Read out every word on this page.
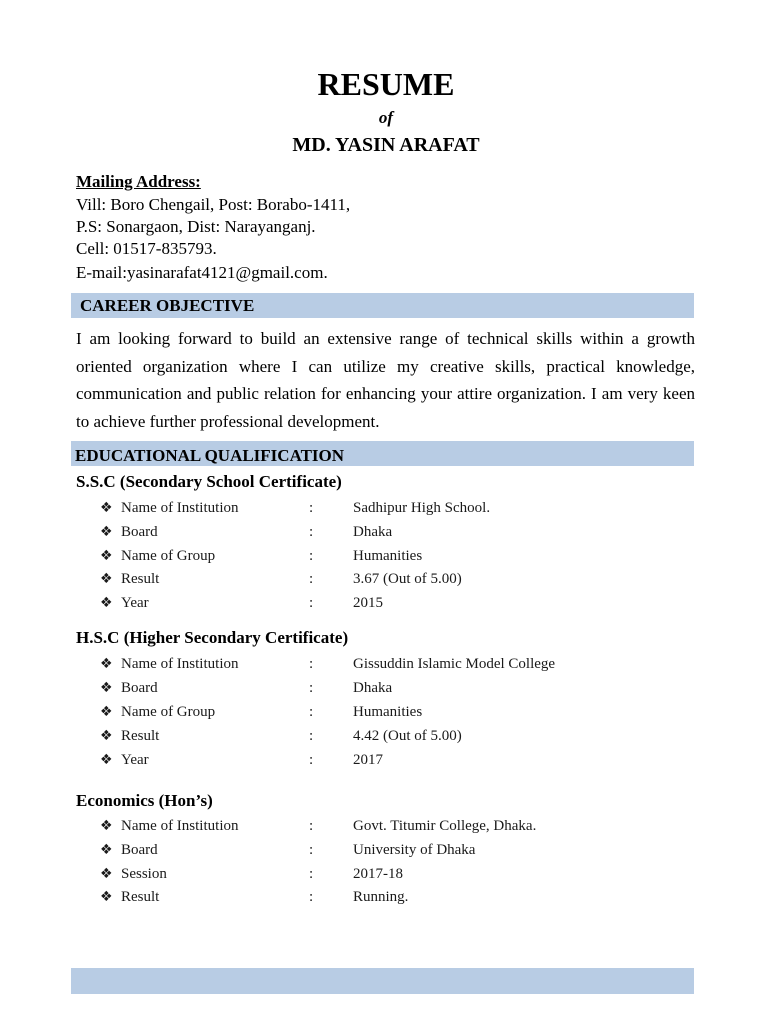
RESUME
of
MD. YASIN ARAFAT
Mailing Address:
Vill: Boro Chengail, Post: Borabo-1411,
P.S: Sonargaon, Dist: Narayanganj.
Cell: 01517-835793.
E-mail:yasinarafat4121@gmail.com.
CAREER OBJECTIVE
I am looking forward to build an extensive range of technical skills within a growth oriented organization where I can utilize my creative skills, practical knowledge, communication and public relation for enhancing your attire organization. I am very keen to achieve further professional development.
EDUCATIONAL QUALIFICATION
S.S.C (Secondary School Certificate)
❖ Name of Institution	:	Sadhipur High School.
❖ Board	:	Dhaka
❖ Name of Group	:	Humanities
❖ Result	:	3.67 (Out of 5.00)
❖ Year	:	2015
H.S.C (Higher Secondary Certificate)
❖ Name of Institution	:	Gissuddin Islamic Model College
❖ Board	:	Dhaka
❖ Name of Group	:	Humanities
❖ Result	:	4.42 (Out of 5.00)
❖ Year	:	2017
Economics (Hon’s)
❖ Name of Institution	:	Govt. Titumir College, Dhaka.
❖ Board	:	University of Dhaka
❖ Session	:	2017-18
❖ Result	:	Running.
